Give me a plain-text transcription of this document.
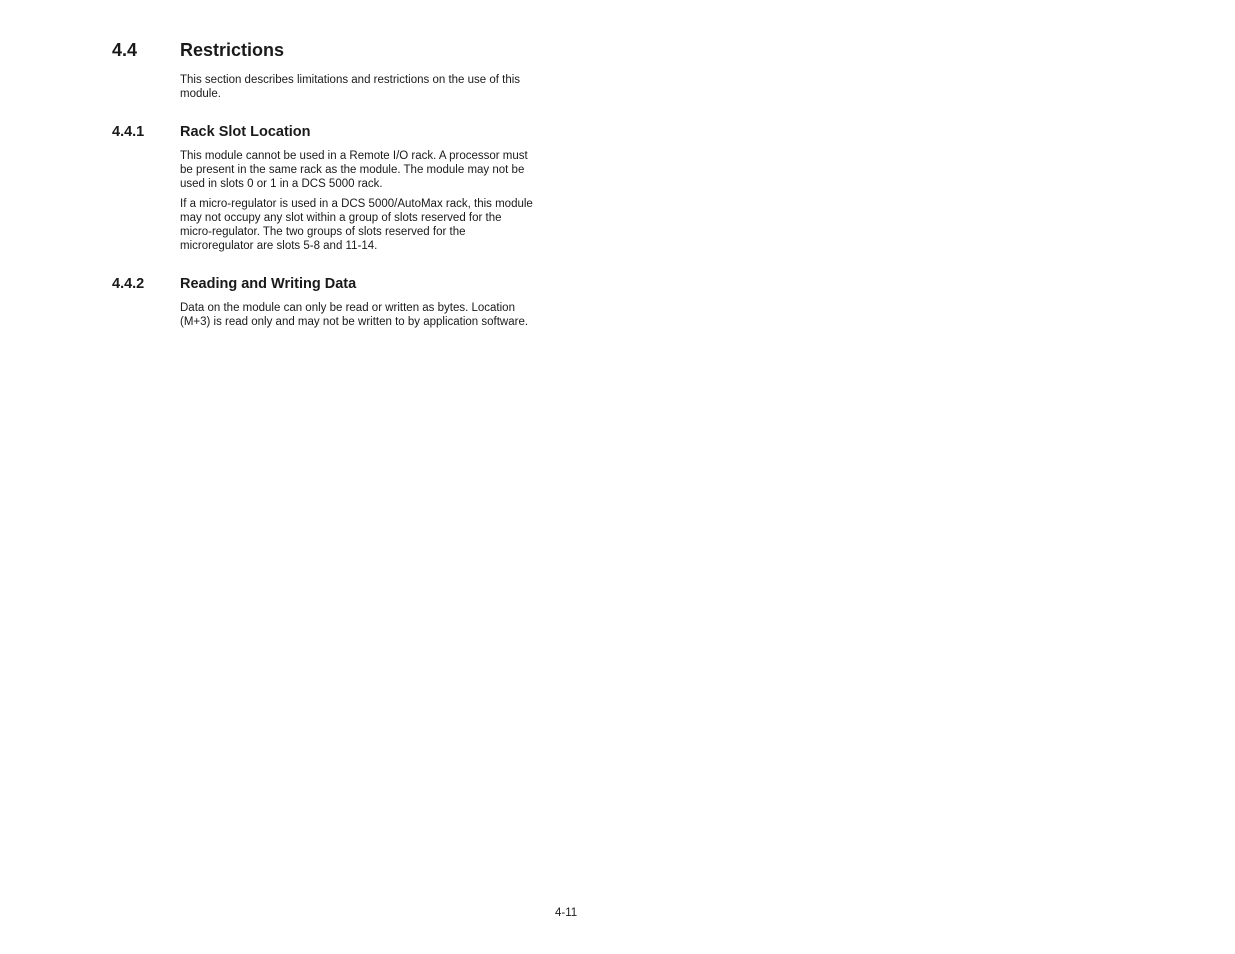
4.4 Restrictions

This section describes limitations and restrictions on the use of this
module.

4.4.1 Rack Slot Location

This module cannot be used in a Remote I/O rack. A processor must
be present in the same rack as the module. The module may not be
used in slots 0 or 1 in a DCS 5000 rack.

If a micro-regulator is used in a DCS 5000/AutoMax rack, this module
may not occupy any slot within a group of slots reserved for the
micro-regulator. The two groups of slots reserved for the
microregulator are slots 5-8 and 11-14.

4.4.2 Reading and Writing Data

Data on the module can only be read or written as bytes. Location
(M+3) is read only and may not be written to by application software.

4-11
